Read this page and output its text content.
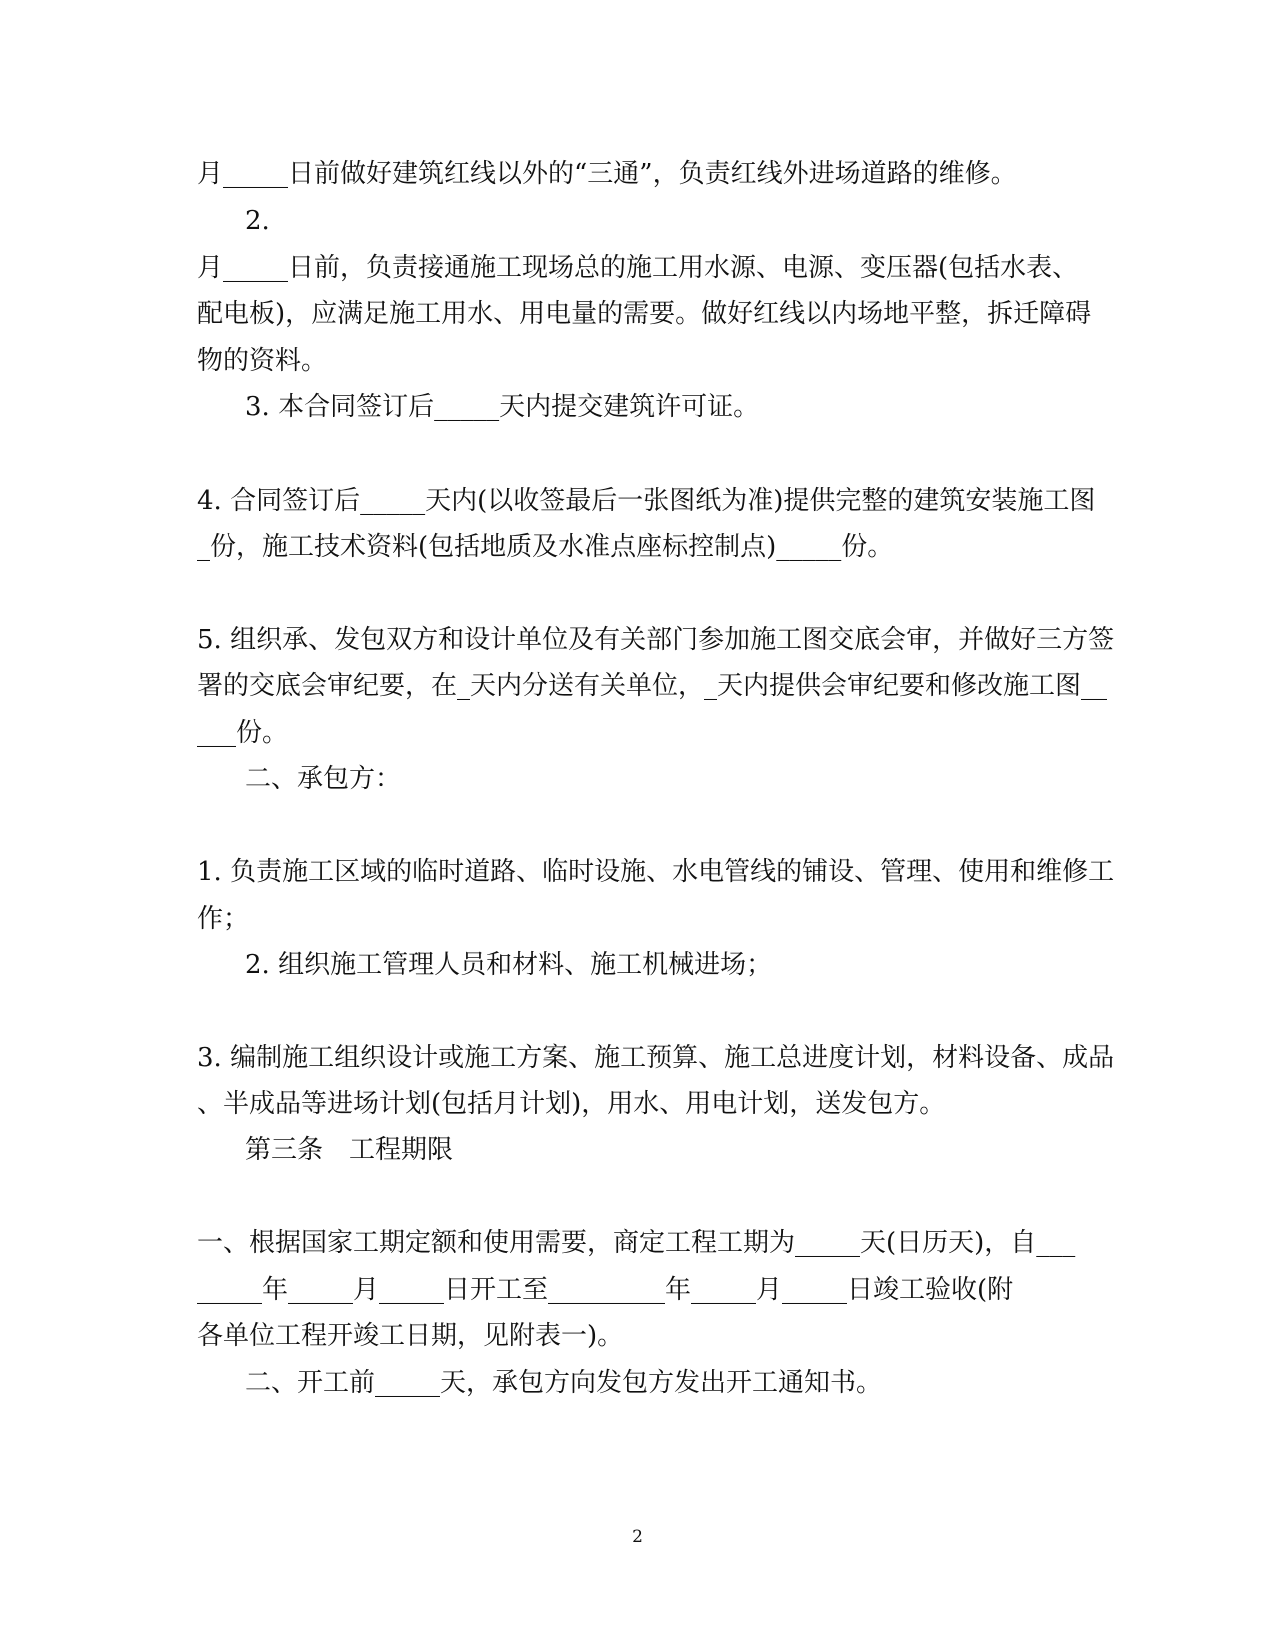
月_____日前做好建筑红线以外的“三通”，负责红线外进场道路的维修。
2.
月_____日前，负责接通施工现场总的施工用水源、电源、变压器(包括水表、
配电板)，应满足施工用水、用电量的需要。做好红线以内场地平整，拆迁障碍
物的资料。
3. 本合同签订后_____天内提交建筑许可证。
4. 合同签订后_____天内(以收签最后一张图纸为准)提供完整的建筑安装施工图
_份，施工技术资料(包括地质及水准点座标控制点)_____份。
5. 组织承、发包双方和设计单位及有关部门参加施工图交底会审，并做好三方签
署的交底会审纪要，在_天内分送有关单位，_天内提供会审纪要和修改施工图__
___份。
二、承包方：
1. 负责施工区域的临时道路、临时设施、水电管线的铺设、管理、使用和维修工
作；
2. 组织施工管理人员和材料、施工机械进场；
3. 编制施工组织设计或施工方案、施工预算、施工总进度计划，材料设备、成品
、半成品等进场计划(包括月计划)，用水、用电计划，送发包方。
第三条　工程期限
一、根据国家工期定额和使用需要，商定工程工期为_____天(日历天)，自___
_____年_____月_____日开工至_________年_____月_____日竣工验收(附
各单位工程开竣工日期，见附表一)。
二、开工前_____天，承包方向发包方发出开工通知书。
2
